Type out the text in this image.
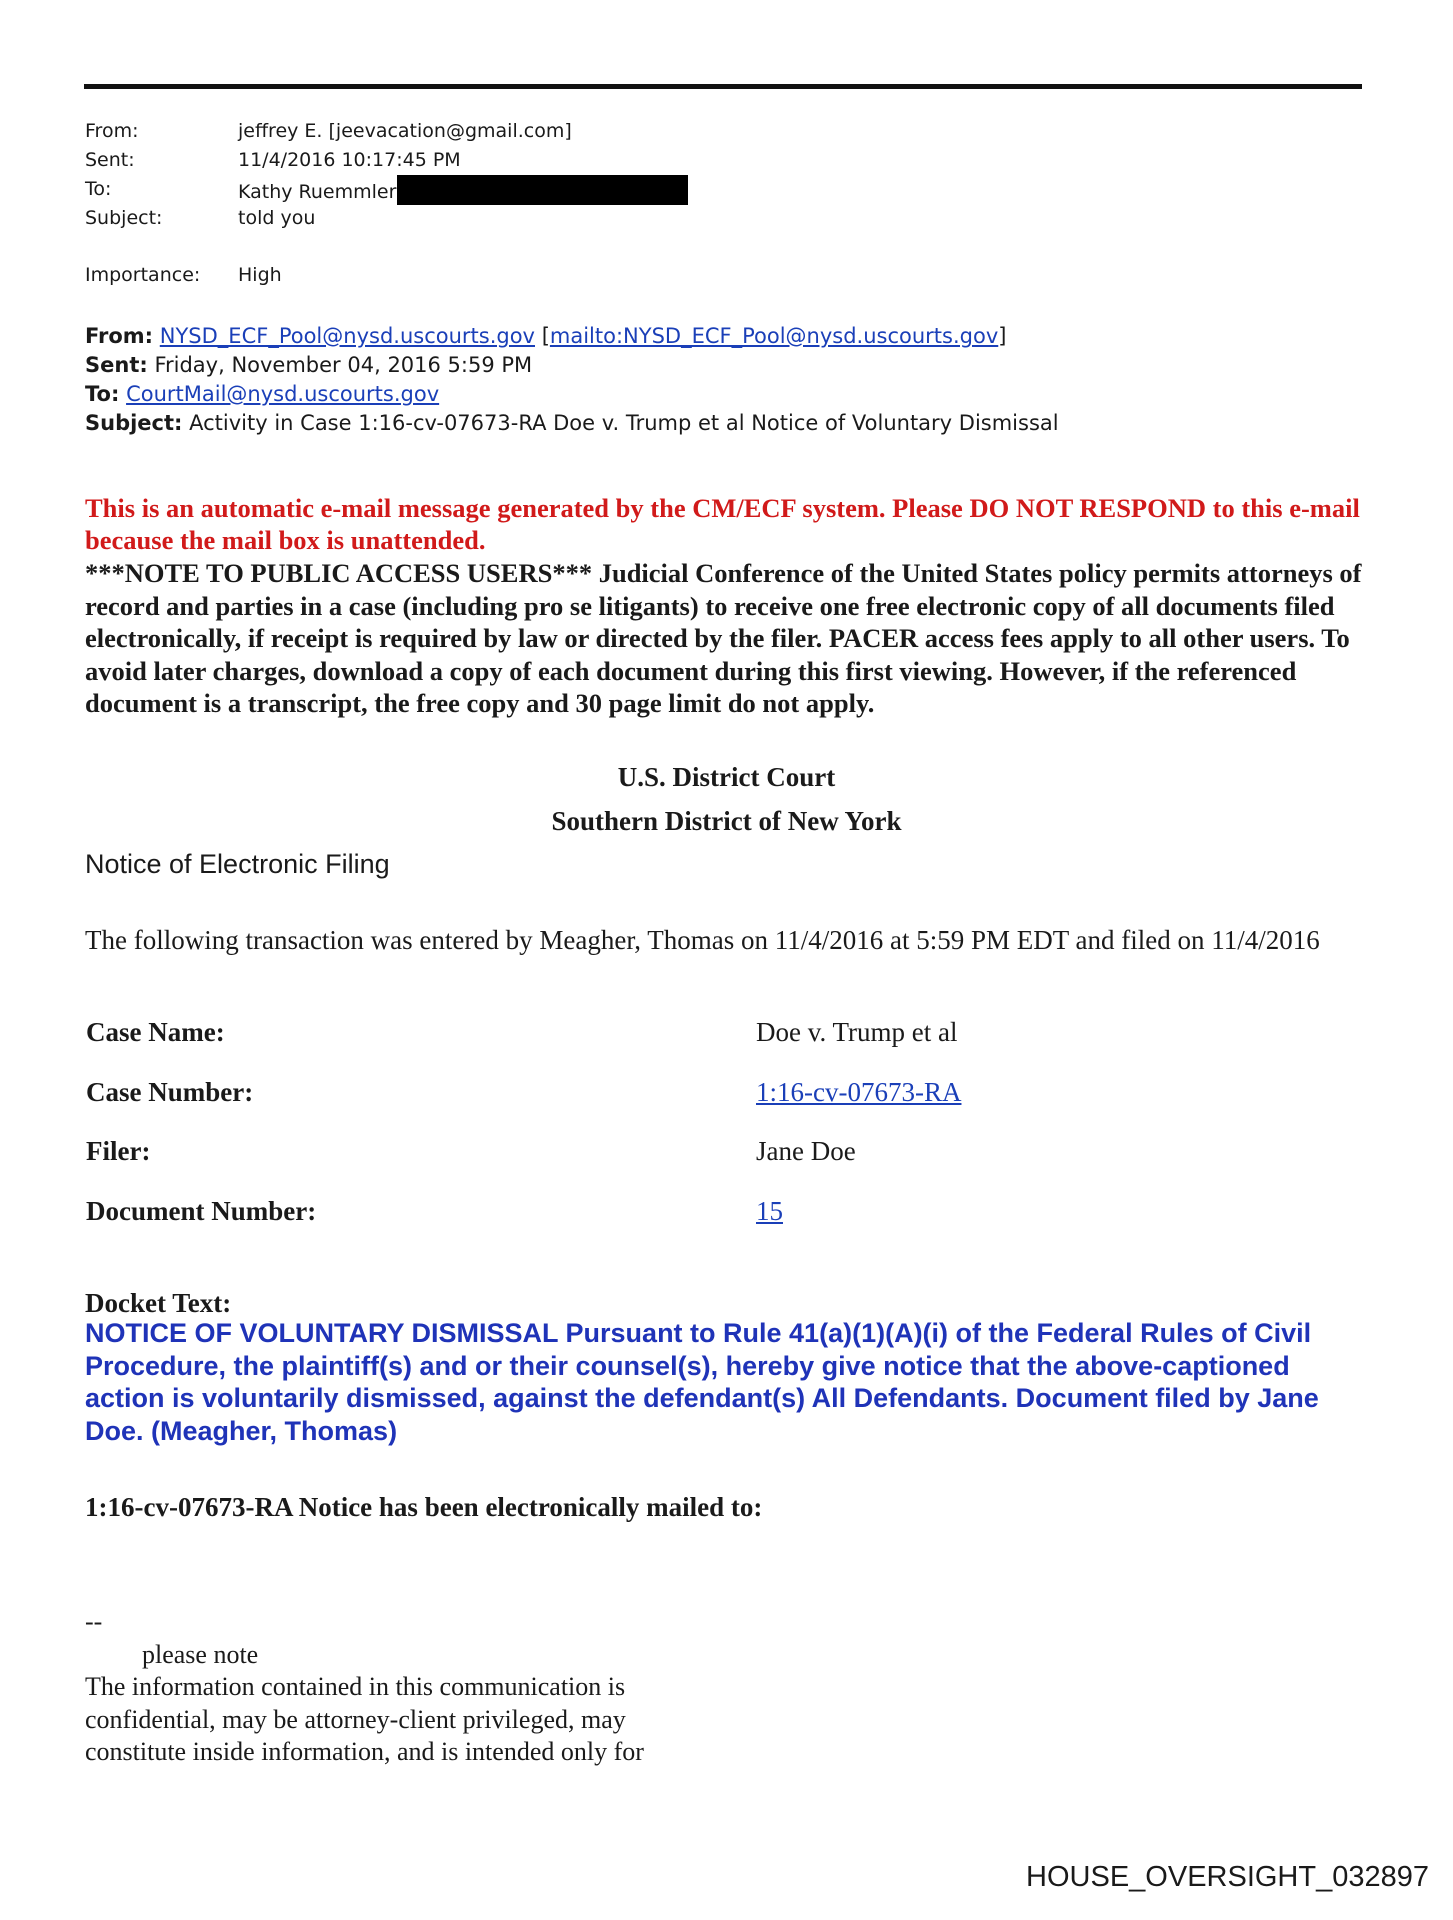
From:	jeffrey E. [jeevacation@gmail.com]
Sent:	11/4/2016 10:17:45 PM
To:	Kathy Ruemmler
Subject:	told you
Importance: High
From: NYSD_ECF_Pool@nysd.uscourts.gov [mailto:NYSD_ECF_Pool@nysd.uscourts.gov]
Sent: Friday, November 04, 2016 5:59 PM
To: CourtMail@nysd.uscourts.gov
Subject: Activity in Case 1:16-cv-07673-RA Doe v. Trump et al Notice of Voluntary Dismissal
This is an automatic e-mail message generated by the CM/ECF system. Please DO NOT RESPOND to this e-mail because the mail box is unattended.
***NOTE TO PUBLIC ACCESS USERS*** Judicial Conference of the United States policy permits attorneys of record and parties in a case (including pro se litigants) to receive one free electronic copy of all documents filed electronically, if receipt is required by law or directed by the filer. PACER access fees apply to all other users. To avoid later charges, download a copy of each document during this first viewing. However, if the referenced document is a transcript, the free copy and 30 page limit do not apply.
U.S. District Court
Southern District of New York
Notice of Electronic Filing
The following transaction was entered by Meagher, Thomas on 11/4/2016 at 5:59 PM EDT and filed on 11/4/2016
Case Name:	Doe v. Trump et al
Case Number:	1:16-cv-07673-RA
Filer:	Jane Doe
Document Number:	15
Docket Text:
NOTICE OF VOLUNTARY DISMISSAL Pursuant to Rule 41(a)(1)(A)(i) of the Federal Rules of Civil Procedure, the plaintiff(s) and or their counsel(s), hereby give notice that the above-captioned action is voluntarily dismissed, against the defendant(s) All Defendants. Document filed by Jane Doe. (Meagher, Thomas)
1:16-cv-07673-RA Notice has been electronically mailed to:
--
please note
The information contained in this communication is
confidential, may be attorney-client privileged, may
constitute inside information, and is intended only for
HOUSE_OVERSIGHT_032897
